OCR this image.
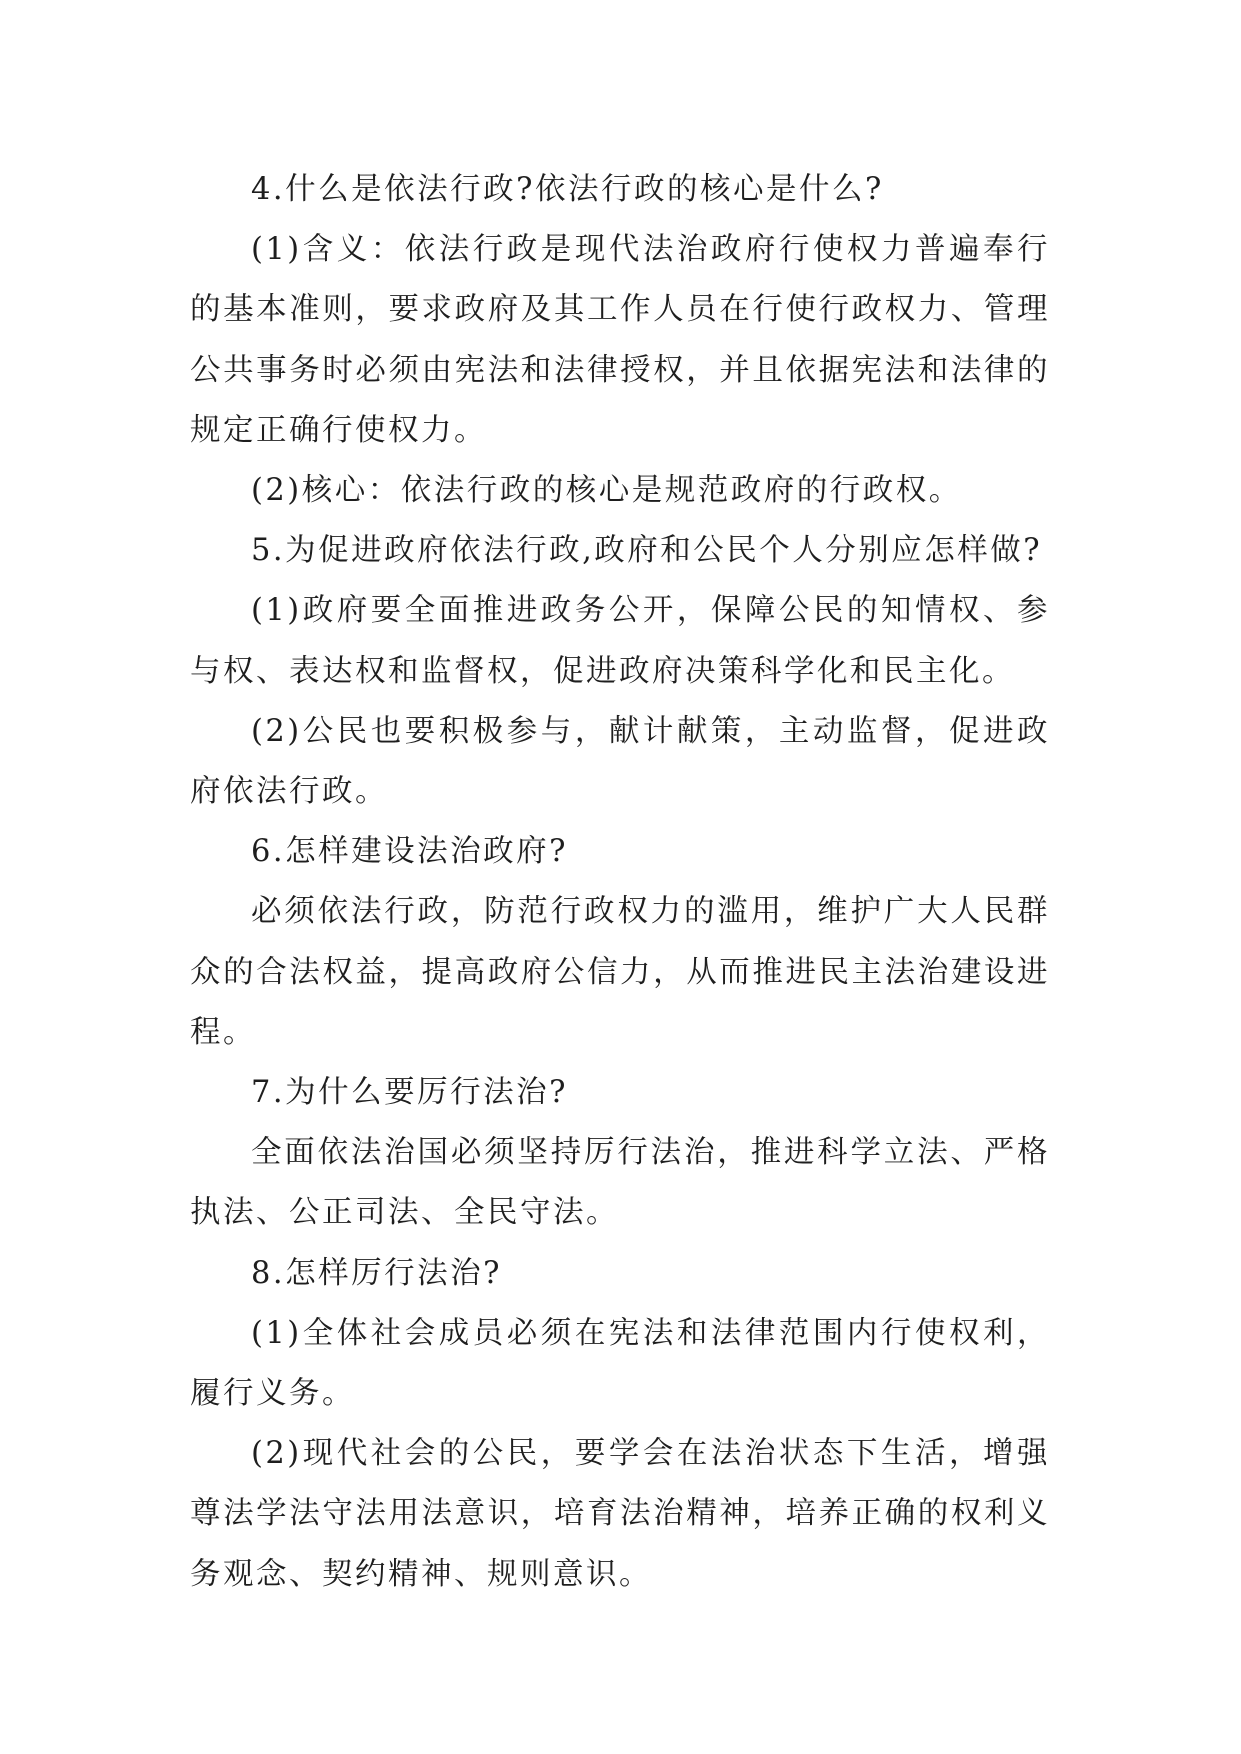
4.什么是依法行政?依法行政的核心是什么?

(1)含义：依法行政是现代法治政府行使权力普遍奉行的基本准则，要求政府及其工作人员在行使行政权力、管理公共事务时必须由宪法和法律授权，并且依据宪法和法律的规定正确行使权力。

(2)核心：依法行政的核心是规范政府的行政权。

5.为促进政府依法行政,政府和公民个人分别应怎样做?

(1)政府要全面推进政务公开，保障公民的知情权、参与权、表达权和监督权，促进政府决策科学化和民主化。

(2)公民也要积极参与，献计献策，主动监督，促进政府依法行政。

6.怎样建设法治政府?

必须依法行政，防范行政权力的滥用，维护广大人民群众的合法权益，提高政府公信力，从而推进民主法治建设进程。

7.为什么要厉行法治?

全面依法治国必须坚持厉行法治，推进科学立法、严格执法、公正司法、全民守法。

8.怎样厉行法治?

(1)全体社会成员必须在宪法和法律范围内行使权利，履行义务。

(2)现代社会的公民，要学会在法治状态下生活，增强尊法学法守法用法意识，培育法治精神，培养正确的权利义务观念、契约精神、规则意识。
